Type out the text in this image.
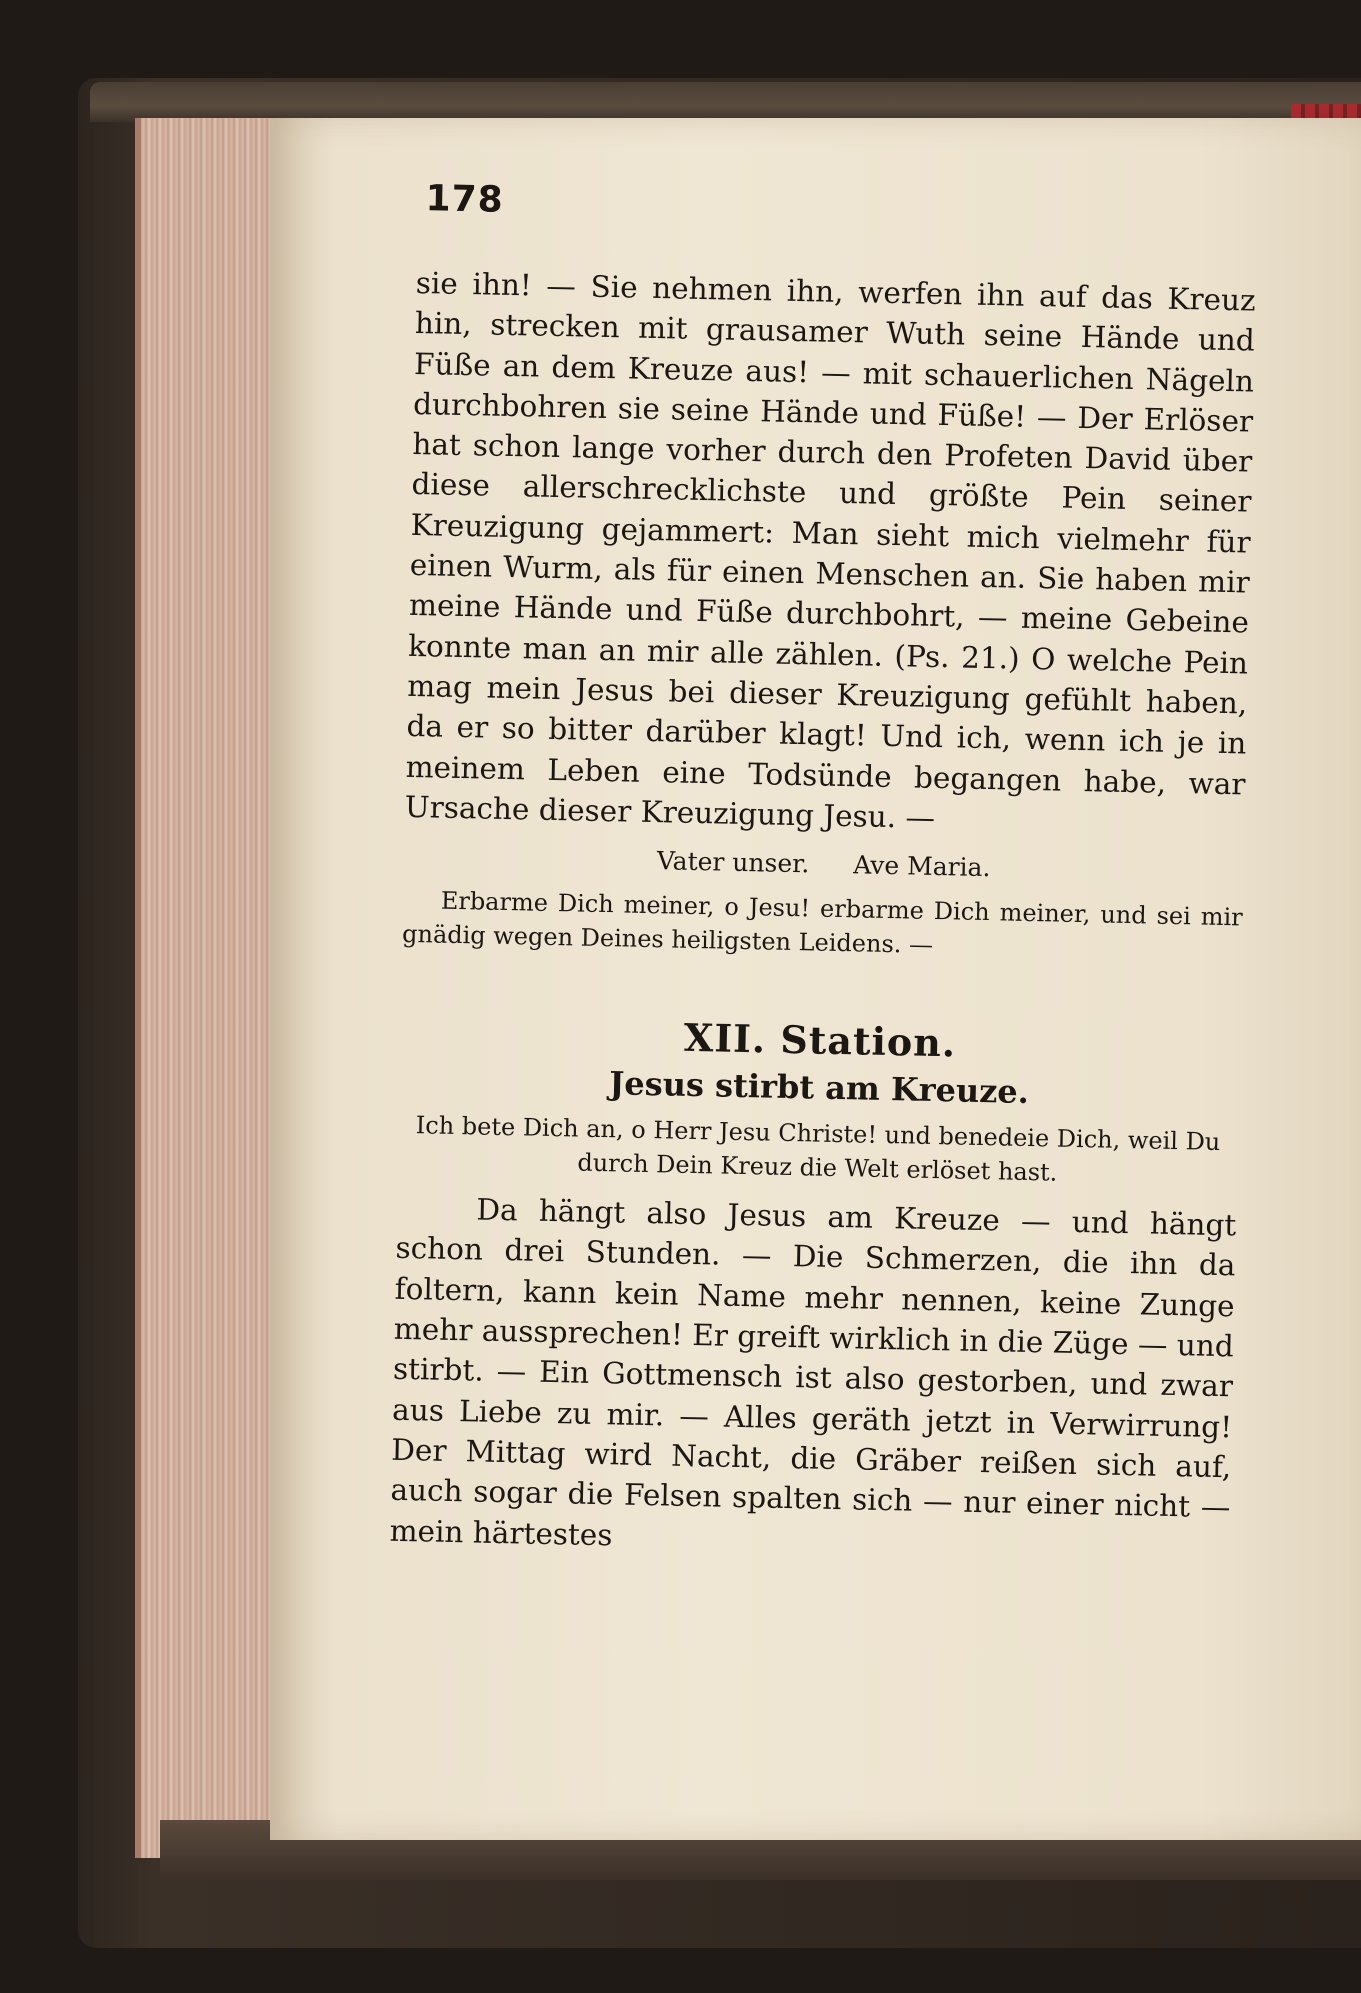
178

sie ihn! — Sie nehmen ihn, werfen ihn auf das Kreuz hin, strecken mit grausamer Wuth seine Hände und Füße an dem Kreuze aus! — mit schauerlichen Nägeln durchbohren sie seine Hände und Füße! — Der Erlöser hat schon lange vorher durch den Profeten David über diese allerschrecklichste und größte Pein seiner Kreuzigung gejammert: Man sieht mich vielmehr für einen Wurm, als für einen Menschen an. Sie haben mir meine Hände und Füße durchbohrt, — meine Gebeine konnte man an mir alle zählen. (Ps. 21.) O welche Pein mag mein Jesus bei dieser Kreuzigung gefühlt haben, da er so bitter darüber klagt! Und ich, wenn ich je in meinem Leben eine Todsünde begangen habe, war Ursache dieser Kreuzigung Jesu. —

Vater unser. Ave Maria.

Erbarme Dich meiner, o Jesu! erbarme Dich meiner, und sei mir gnädig wegen Deines heiligsten Leidens. —

XII. Station.
Jesus stirbt am Kreuze.

Ich bete Dich an, o Herr Jesu Christe! und benedeie Dich, weil Du durch Dein Kreuz die Welt erlöset hast.

Da hängt also Jesus am Kreuze — und hängt schon drei Stunden. — Die Schmerzen, die ihn da foltern, kann kein Name mehr nennen, keine Zunge mehr aussprechen! Er greift wirklich in die Züge — und stirbt. — Ein Gottmensch ist also gestorben, und zwar aus Liebe zu mir. — Alles geräth jetzt in Verwirrung! Der Mittag wird Nacht, die Gräber reißen sich auf, auch sogar die Felsen spalten sich — nur einer nicht — mein härtestes
